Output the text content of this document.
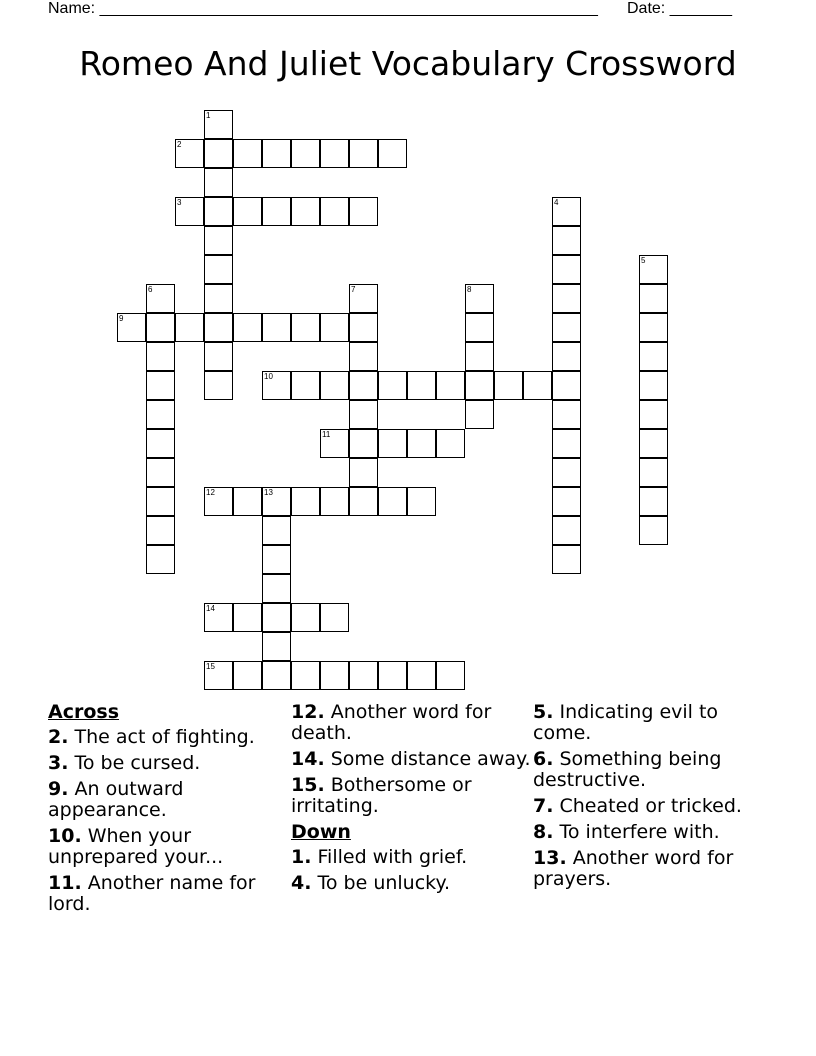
Name: ________________________________________________________ Date: _______
Romeo And Juliet Vocabulary Crossword
1
2
3	4
5
6	7	8
9
10
11
12	13
14
15
Across
2. The act of fighting.
3. To be cursed.
9. An outward appearance.
10. When your unprepared your...
11. Another name for lord.
12. Another word for death.
14. Some distance away.
15. Bothersome or irritating.
Down
1. Filled with grief.
4. To be unlucky.
5. Indicating evil to come.
6. Something being destructive.
7. Cheated or tricked.
8. To interfere with.
13. Another word for prayers.
